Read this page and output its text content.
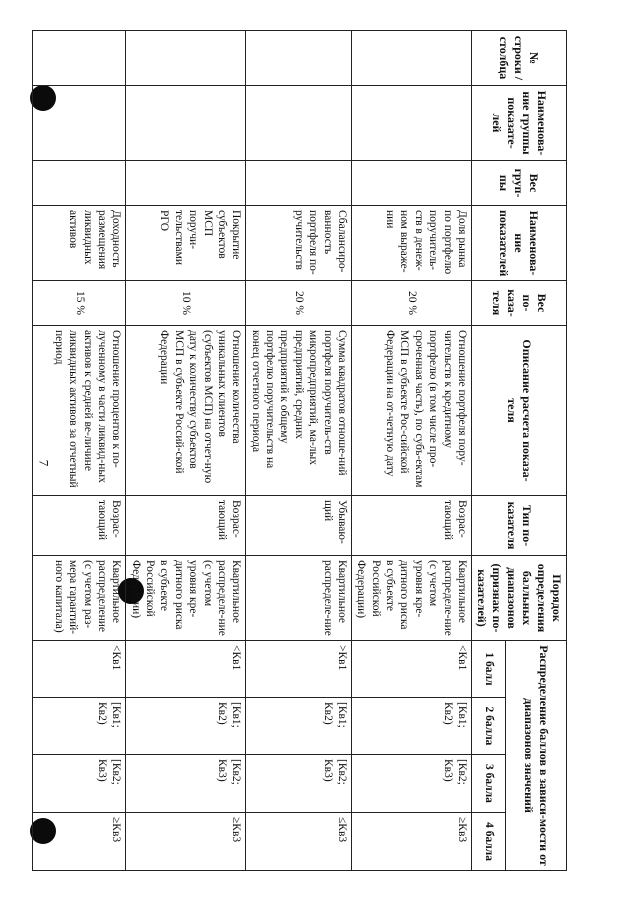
7
№ строки / столбца	Наименова-ние группы показате-лей	Вес груп-пы	Наименова-ние показателей	Вес по-каза-теля	Описание расчета показа-теля	Тип по-казателя	Порядок определения балльных диапазонов (признак по-казателей)	Распределение баллов в зависи-мости от диапазонов значений			
								1 балл	2 балла	3 балла	4 балла
			Доля рынка по портфелю поручитель-ств в денеж-ном выраже-нии	20 %	Отношение портфеля пору-чительств к кредитному портфелю (в том числе про-сроченная часть), по субъ-ектам МСП в субъекте Рос-сийской Федерации на от-четную дату	Возрас-тающий	Квартильное распределе-ние (с учетом уровня кре-дитного риска в субъекте Российской Федерации)	<Кв1	[Кв1; Кв2)	[Кв2; Кв3)	≥Кв3
			Сбалансиро-ванность портфеля по-ручительств	20 %	Сумма квадратов отноше-ний портфеля поручитель-ств микропредприятий, ма-лых предприятий, средних предприятий к общему портфелю поручительств на конец отчетного периода	Убываю-щий	Квартильное распределе-ние	>Кв1	[Кв1; Кв2)	[Кв2; Кв3)	≤Кв3
			Покрытие субъектов МСП поручи-тельствами РГО	10 %	Отношение количества уникальных клиентов (субъектов МСП) на отчет-ную дату к количеству субъектов МСП в субъекте Россий-ской Федерации	Возрас-тающий	Квартильное распределе-ние (с учетом уровня кре-дитного риска в субъекте Российской Федерации)	<Кв1	[Кв1; Кв2)	[Кв2; Кв3)	≥Кв3
			Доходность размещения ликвидных активов	15 %	Отношение процентов к по-лученному в части ликвид-ных активов к средней ве-личине ликвидных активов за отчетный период	Возрас-тающий	Квартильное распределение (с учетом раз-мера гарантий-ного капитала)	<Кв1	[Кв1; Кв2)	[Кв2; Кв3)	≥Кв3
